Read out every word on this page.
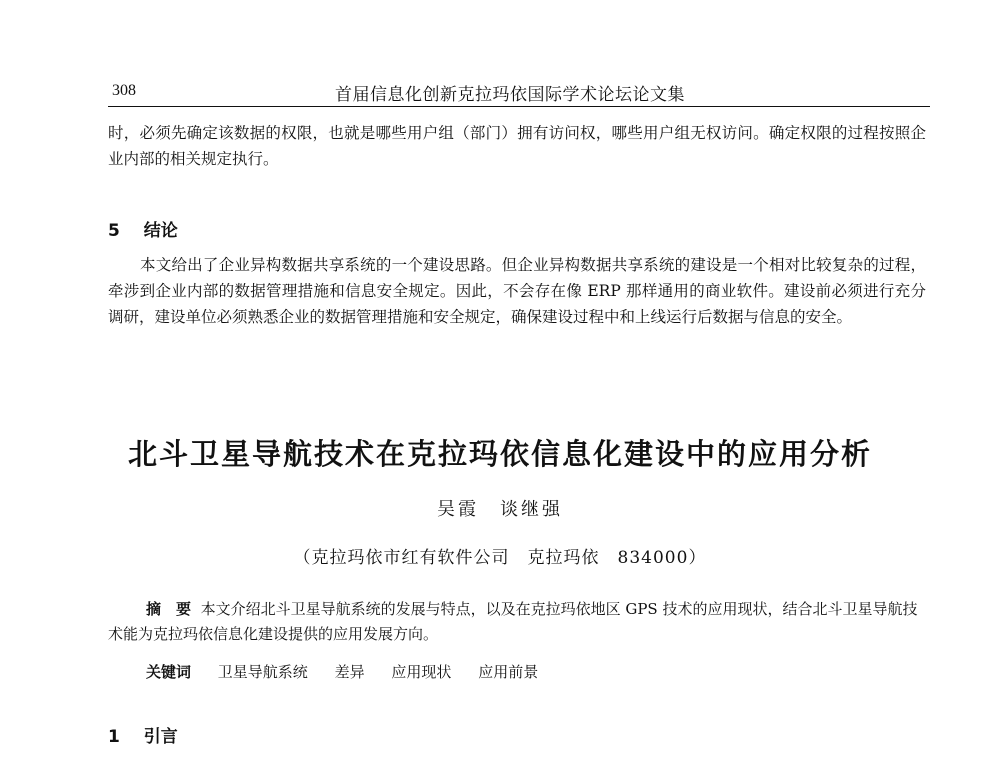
308	首届信息化创新克拉玛依国际学术论坛论文集

时，必须先确定该数据的权限，也就是哪些用户组（部门）拥有访问权，哪些用户组无权访问。确定权限的过程按照企业内部的相关规定执行。

5 结论

本文给出了企业异构数据共享系统的一个建设思路。但企业异构数据共享系统的建设是一个相对比较复杂的过程，牵涉到企业内部的数据管理措施和信息安全规定。因此，不会存在像 ERP 那样通用的商业软件。建设前必须进行充分调研，建设单位必须熟悉企业的数据管理措施和安全规定，确保建设过程中和上线运行后数据与信息的安全。

北斗卫星导航技术在克拉玛依信息化建设中的应用分析
吴霞　谈继强
（克拉玛依市红有软件公司　克拉玛依　834000）

摘　要 本文介绍北斗卫星导航系统的发展与特点，以及在克拉玛依地区 GPS 技术的应用现状，结合北斗卫星导航技术能为克拉玛依信息化建设提供的应用发展方向。

关键词 卫星导航系统 差异 应用现状 应用前景
1 引言
